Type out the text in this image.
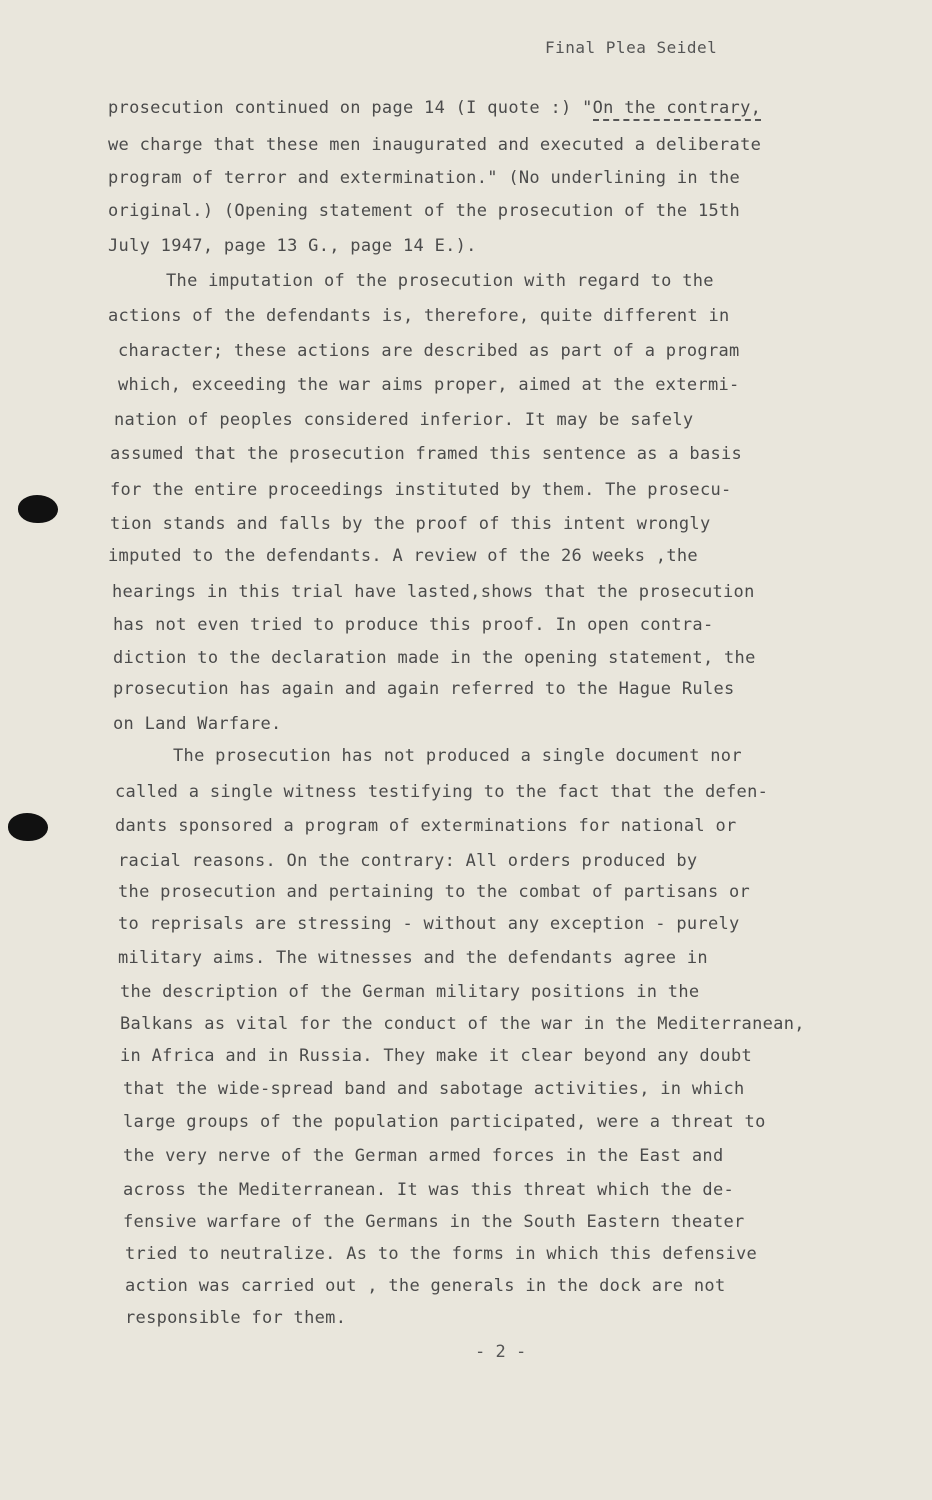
Final Plea Seidel
prosecution continued on page 14 (I quote :) "On the contrary,
we charge that these men inaugurated and executed a deliberate
program of terror and extermination." (No underlining in the
original.) (Opening statement of the prosecution of the 15th
July 1947, page 13 G., page 14 E.).
The imputation of the prosecution with regard to the
actions of the defendants is, therefore, quite different in
character; these actions are described as part of a program
which, exceeding the war aims proper, aimed at the extermi-
nation of peoples considered inferior. It may be safely
assumed that the prosecution framed this sentence as a basis
for the entire proceedings instituted by them. The prosecu-
tion stands and falls by the proof of this intent wrongly
imputed to the defendants. A review of the 26 weeks ,the
hearings in this trial have lasted,shows that the prosecution
has not even tried to produce this proof. In open contra-
diction to the declaration made in the opening statement, the
prosecution has again and again referred to the Hague Rules
on Land Warfare.
The prosecution has not produced a single document nor
called a single witness testifying to the fact that the defen-
dants sponsored a program of exterminations for national or
racial reasons. On the contrary: All orders produced by
the prosecution and pertaining to the combat of partisans or
to reprisals are stressing - without any exception - purely
military aims. The witnesses and the defendants agree in
the description of the German military positions in the
Balkans as vital for the conduct of the war in the Mediterranean,
in Africa and in Russia. They make it clear beyond any doubt
that the wide-spread band and sabotage activities, in which
large groups of the population participated, were a threat to
the very nerve of the German armed forces in the East and
across the Mediterranean. It was this threat which the de-
fensive warfare of the Germans in the South Eastern theater
tried to neutralize. As to the forms in which this defensive
action was carried out , the generals in the dock are not
responsible for them.
- 2 -
